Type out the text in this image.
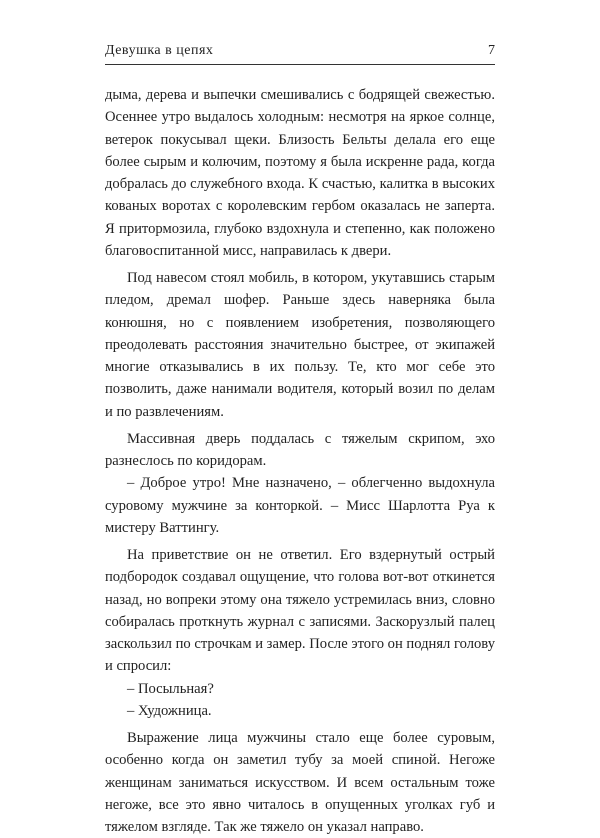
Девушка в цепях	7

дыма, дерева и выпечки смешивались с бодрящей свежестью. Осеннее утро выдалось холодным: несмотря на яркое солнце, ветерок покусывал щеки. Близость Бельты делала его еще более сырым и колючим, поэтому я была искренне рада, когда добралась до служебного входа. К счастью, калитка в высоких кованых воротах с королевским гербом оказалась не заперта. Я притормозила, глубоко вздохнула и степенно, как положено благовоспитанной мисс, направилась к двери.

Под навесом стоял мобиль, в котором, укутавшись старым пледом, дремал шофер. Раньше здесь наверняка была конюшня, но с появлением изобретения, позволяющего преодолевать расстояния значительно быстрее, от экипажей многие отказывались в их пользу. Те, кто мог себе это позволить, даже нанимали водителя, который возил по делам и по развлечениям.

Массивная дверь поддалась с тяжелым скрипом, эхо разнеслось по коридорам.

– Доброе утро! Мне назначено, – облегченно выдохнула суровому мужчине за конторкой. – Мисс Шарлотта Руа к мистеру Ваттингу.

На приветствие он не ответил. Его вздернутый острый подбородок создавал ощущение, что голова вот-вот откинется назад, но вопреки этому она тяжело устремилась вниз, словно собиралась проткнуть журнал с записями. Заскорузлый палец заскользил по строчкам и замер. После этого он поднял голову и спросил:

– Посыльная?

– Художница.

Выражение лица мужчины стало еще более суровым, особенно когда он заметил тубу за моей спиной. Негоже женщинам заниматься искусством. И всем остальным тоже негоже, все это явно читалось в опущенных уголках губ и тяжелом взгляде. Так же тяжело он указал направо.
